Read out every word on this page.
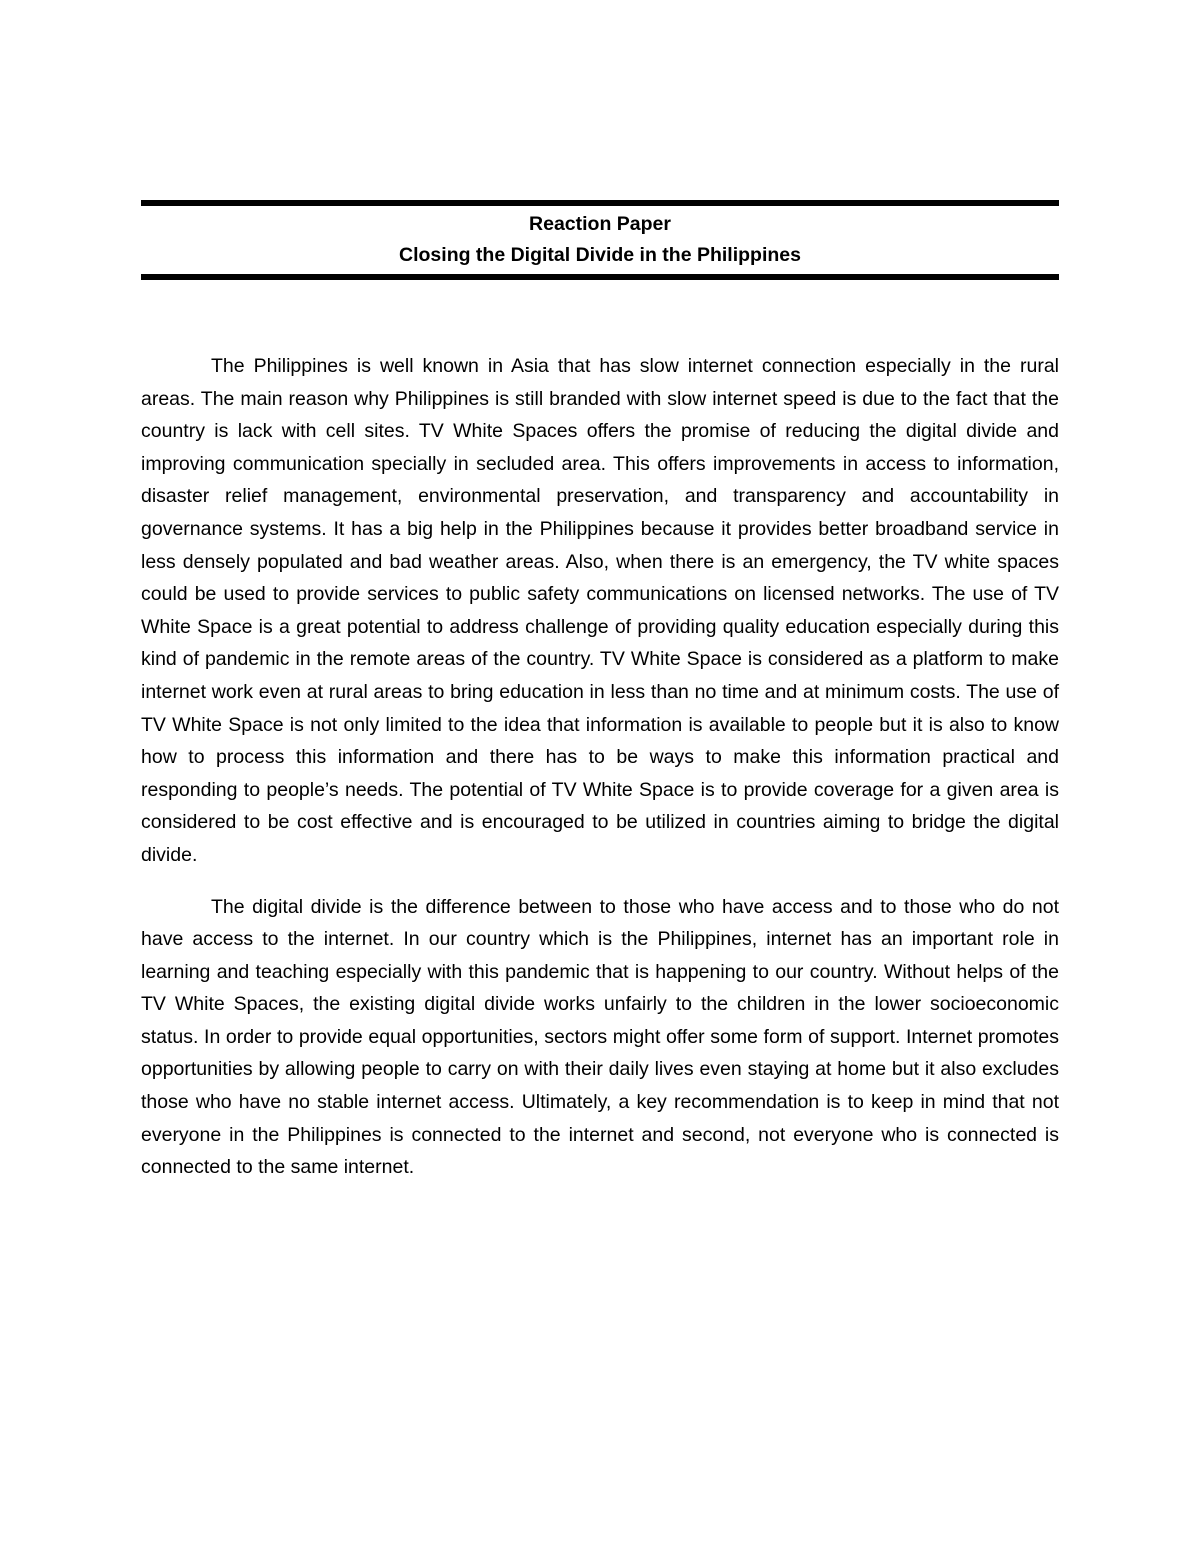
Reaction Paper
Closing the Digital Divide in the Philippines

The Philippines is well known in Asia that has slow internet connection especially in the rural areas. The main reason why Philippines is still branded with slow internet speed is due to the fact that the country is lack with cell sites. TV White Spaces offers the promise of reducing the digital divide and improving communication specially in secluded area. This offers improvements in access to information, disaster relief management, environmental preservation, and transparency and accountability in governance systems. It has a big help in the Philippines because it provides better broadband service in less densely populated and bad weather areas. Also, when there is an emergency, the TV white spaces could be used to provide services to public safety communications on licensed networks. The use of TV White Space is a great potential to address challenge of providing quality education especially during this kind of pandemic in the remote areas of the country. TV White Space is considered as a platform to make internet work even at rural areas to bring education in less than no time and at minimum costs. The use of TV White Space is not only limited to the idea that information is available to people but it is also to know how to process this information and there has to be ways to make this information practical and responding to people’s needs. The potential of TV White Space is to provide coverage for a given area is considered to be cost effective and is encouraged to be utilized in countries aiming to bridge the digital divide.

The digital divide is the difference between to those who have access and to those who do not have access to the internet. In our country which is the Philippines, internet has an important role in learning and teaching especially with this pandemic that is happening to our country. Without helps of the TV White Spaces, the existing digital divide works unfairly to the children in the lower socioeconomic status. In order to provide equal opportunities, sectors might offer some form of support. Internet promotes opportunities by allowing people to carry on with their daily lives even staying at home but it also excludes those who have no stable internet access. Ultimately, a key recommendation is to keep in mind that not everyone in the Philippines is connected to the internet and second, not everyone who is connected is connected to the same internet.
